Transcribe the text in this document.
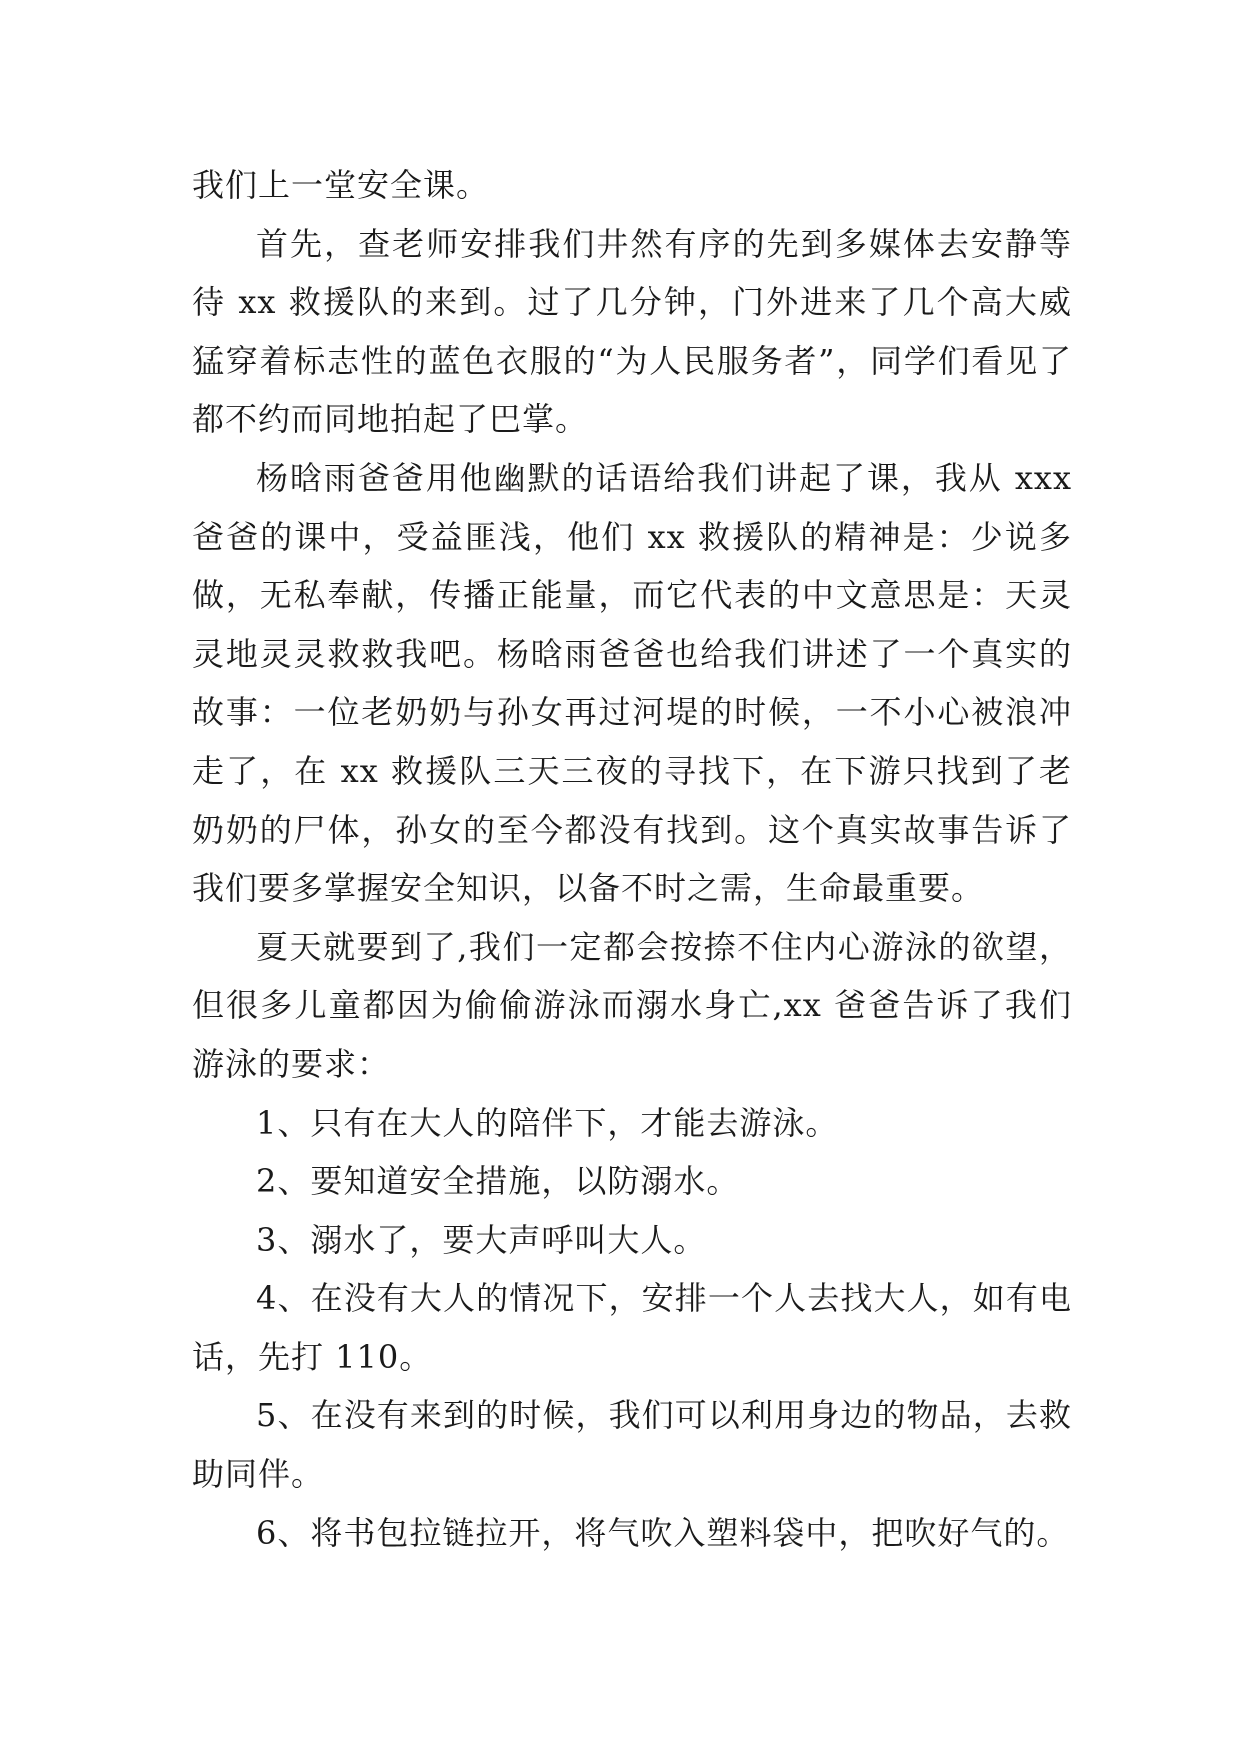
我们上一堂安全课。

首先，查老师安排我们井然有序的先到多媒体去安静等待 xx 救援队的来到。过了几分钟，门外进来了几个高大威猛穿着标志性的蓝色衣服的“为人民服务者”，同学们看见了都不约而同地拍起了巴掌。

杨晗雨爸爸用他幽默的话语给我们讲起了课，我从 xxx 爸爸的课中，受益匪浅，他们 xx 救援队的精神是：少说多做，无私奉献，传播正能量，而它代表的中文意思是：天灵灵地灵灵救救我吧。杨晗雨爸爸也给我们讲述了一个真实的故事：一位老奶奶与孙女再过河堤的时候，一不小心被浪冲走了，在 xx 救援队三天三夜的寻找下，在下游只找到了老奶奶的尸体，孙女的至今都没有找到。这个真实故事告诉了我们要多掌握安全知识，以备不时之需，生命最重要。

夏天就要到了,我们一定都会按捺不住内心游泳的欲望，但很多儿童都因为偷偷游泳而溺水身亡,xx 爸爸告诉了我们游泳的要求：

1、只有在大人的陪伴下，才能去游泳。

2、要知道安全措施，以防溺水。

3、溺水了，要大声呼叫大人。

4、在没有大人的情况下，安排一个人去找大人，如有电话，先打 110。

5、在没有来到的时候，我们可以利用身边的物品，去救助同伴。

6、将书包拉链拉开，将气吹入塑料袋中，把吹好气的。
